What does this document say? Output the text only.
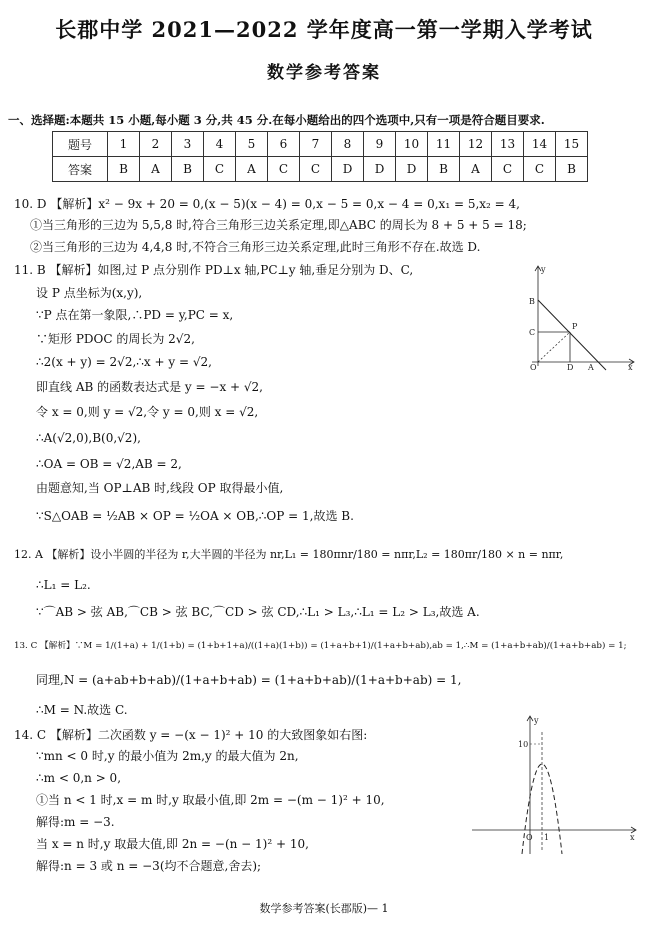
长郡中学 2021—2022 学年度高一第一学期入学考试
数学参考答案
一、选择题:本题共 15 小题,每小题 3 分,共 45 分.在每小题给出的四个选项中,只有一项是符合题目要求.
题号	1	2	3	4	5	6	7	8	9	10	11	12	13	14	15
答案	B	A	B	C	A	C	C	D	D	D	B	A	C	C	B
10. D 【解析】x² − 9x + 20 = 0,(x − 5)(x − 4) = 0,x − 5 = 0,x − 4 = 0,x₁ = 5,x₂ = 4,
①当三角形的三边为 5,5,8 时,符合三角形三边关系定理,即△ABC 的周长为 8 + 5 + 5 = 18;
②当三角形的三边为 4,4,8 时,不符合三角形三边关系定理,此时三角形不存在.故选 D.
11. B 【解析】如图,过 P 点分别作 PD⊥x 轴,PC⊥y 轴,垂足分别为 D、C,
设 P 点坐标为(x,y),
∵P 点在第一象限,∴PD = y,PC = x,
∵矩形 PDOC 的周长为 2√2,
∴2(x + y) = 2√2,∴x + y = √2,
即直线 AB 的函数表达式是 y = −x + √2,
令 x = 0,则 y = √2,令 y = 0,则 x = √2,
∴A(√2,0),B(0,√2),
∴OA = OB = √2,AB = 2,
由题意知,当 OP⊥AB 时,线段 OP 取得最小值,
∵S△OAB = ½AB × OP = ½OA × OB,∴OP = 1,故选 B.
12. A 【解析】设小半圆的半径为 r,大半圆的半径为 nr,L₁ = 180πnr/180 = nπr,L₂ = 180πr/180 × n = nπr,
∴L₁ = L₂.
∵⌒AB > 弦 AB,⌒CB > 弦 BC,⌒CD > 弦 CD,∴L₁ > L₃,∴L₁ = L₂ > L₃,故选 A.
13. C 【解析】∵M = 1/(1+a) + 1/(1+b) = (1+b+1+a)/((1+a)(1+b)) = (1+a+b+1)/(1+a+b+ab),ab = 1,∴M = (1+a+b+ab)/(1+a+b+ab) = 1;
同理,N = (a+ab+b+ab)/(1+a+b+ab) = (1+a+b+ab)/(1+a+b+ab) = 1,
∴M = N.故选 C.
14. C 【解析】二次函数 y = −(x − 1)² + 10 的大致图象如右图:
∵mn < 0 时,y 的最小值为 2m,y 的最大值为 2n,
∴m < 0,n > 0,
①当 n < 1 时,x = m 时,y 取最小值,即 2m = −(m − 1)² + 10,
解得:m = −3.
当 x = n 时,y 取最大值,即 2n = −(n − 1)² + 10,
解得:n = 3 或 n = −3(均不合题意,舍去);
y
B
C
P
O	D A	x
y
10
O 1	x
数学参考答案(长郡版)— 1
